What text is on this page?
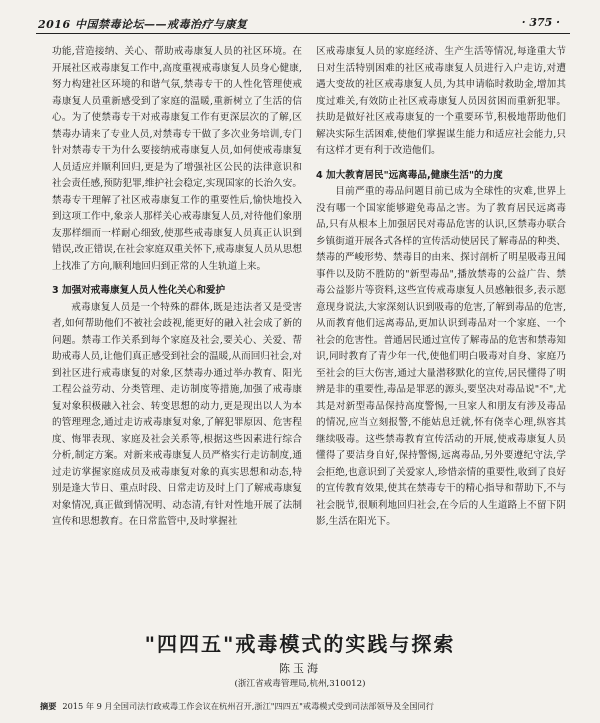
2016 中国禁毒论坛——戒毒治疗与康复	· 375 ·

功能,营造接纳、关心、帮助戒毒康复人员的社区环境。在开展社区戒毒康复工作中,高度重视戒毒康复人员身心健康,努力构建社区环境的和谐气氛,禁毒专干的人性化管理使戒毒康复人员重新感受到了家庭的温暖,重新树立了生活的信心。为了使禁毒专干对戒毒康复工作有更深层次的了解,区禁毒办请来了专业人员,对禁毒专干做了多次业务培训,专门针对禁毒专干为什么要接纳戒毒康复人员,如何使戒毒康复人员适应并顺利回归,更是为了增强社区公民的法律意识和社会责任感,预防犯罪,维护社会稳定,实现国家的长治久安。禁毒专干理解了社区戒毒康复工作的重要性后,愉快地投入到这项工作中,象亲人那样关心戒毒康复人员,对待他们象朋友那样细而一样耐心细致,使那些戒毒康复人员真正认识到错误,改正错误,在社会家庭双重关怀下,戒毒康复人员从思想上找准了方向,顺利地回归到正常的人生轨道上来。

3 加强对戒毒康复人员人性化关心和爱护

戒毒康复人员是一个特殊的群体,既是违法者又是受害者,如何帮助他们不被社会歧视,能更好的融入社会成了新的问题。禁毒工作关系到每个家庭及社会,要关心、关爱、帮助戒毒人员,让他们真正感受到社会的温暖,从而回归社会,对到社区进行戒毒康复的对象,区禁毒办通过举办教育、阳光工程公益劳动、分类管理、走访制度等措施,加强了戒毒康复对象积极融入社会、转变思想的动力,更是现出以人为本的管理理念,通过走访戒毒康复对象,了解犯罪原因、危害程度、悔罪表现、家庭及社会关系等,根据这些因素进行综合分析,制定方案。对新来戒毒康复人员严格实行走访制度,通过走访掌握家庭成员及戒毒康复对象的真实思想和动态,特别是逢大节日、重点时段、日常走访及时上门了解戒毒康复对象情况,真正做到情况明、动态清,有针对性地开展了法制宣传和思想教育。在日常监管中,及时掌握社

区戒毒康复人员的家庭经济、生产生活等情况,每逢重大节日对生活特别困难的社区戒毒康复人员进行入户走访,对遭遇大变故的社区戒毒康复人员,为其申请临时救助金,增加其度过难关,有效防止社区戒毒康复人员因贫困而重新犯罪。扶助是做好社区戒毒康复的一个重要环节,积极地帮助他们解决实际生活困难,使他们掌握谋生能力和适应社会能力,只有这样才更有利于改造他们。

4 加大教育居民"远离毒品,健康生活"的力度

目前严重的毒品问题目前已成为全球性的灾难,世界上没有哪一个国家能够避免毒品之害。为了教育居民远离毒品,只有从根本上加强居民对毒品危害的认识,区禁毒办联合乡镇街道开展各式各样的宣传活动使居民了解毒品的种类、禁毒的严峻形势、禁毒目的由来、探讨剖析了明星吸毒丑闻事件以及防不胜防的"新型毒品",播放禁毒的公益广告、禁毒公益影片等资料,这些宣传戒毒康复人员感触很多,表示愿意现身说法,大家深刻认识到吸毒的危害,了解到毒品的危害,从而教育他们远离毒品,更加认识到毒品对一个家庭、一个社会的危害性。普通居民通过宣传了解毒品的危害和禁毒知识,同时教育了青少年一代,使他们明白吸毒对自身、家庭乃至社会的巨大伤害,通过大量潜移默化的宣传,居民懂得了明辨是非的重要性,毒品是罪恶的源头,要坚决对毒品说"不",尤其是对新型毒品保持高度警惕,一旦家人和朋友有涉及毒品的情况,应当立刻报警,不能姑息迁就,怀有侥幸心理,纵容其继续吸毒。这些禁毒教育宣传活动的开展,使戒毒康复人员懂得了要洁身自好,保持警惕,远离毒品,另外要遵纪守法,学会拒绝,也意识到了关爱家人,珍惜亲情的重要性,收到了良好的宣传教育效果,使其在禁毒专干的精心指导和帮助下,不与社会脱节,很顺利地回归社会,在今后的人生道路上不留下阴影,生活在阳光下。

"四四五"戒毒模式的实践与探索
陈玉海
(浙江省戒毒管理局,杭州,310012)
摘要 2015 年 9 月全国司法行政戒毒工作会议在杭州召开,浙江"四四五"戒毒模式受到司法部领导及全国同行
